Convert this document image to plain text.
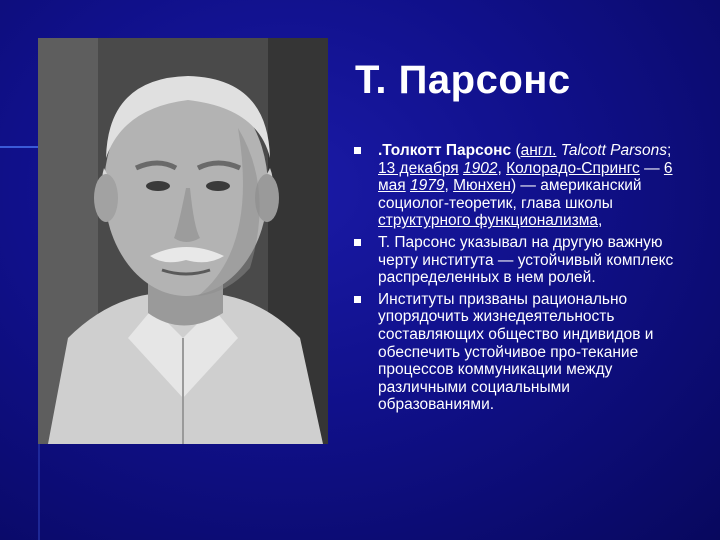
Т. Парсонс
.Толкотт Парсонс (англ. Talcott Parsons; 13 декабря 1902, Колорадо-Спрингс — 6 мая 1979, Мюнхен) — американский социолог-теоретик, глава школы структурного функционализма,
Т. Парсонс указывал на другую важную черту института — устойчивый комплекс распределенных в нем ролей.
Институты призваны рационально упорядочить жизнедеятельность составляющих общество индивидов и обеспечить устойчивое про-текание процессов коммуникации между различными социальными образованиями.
